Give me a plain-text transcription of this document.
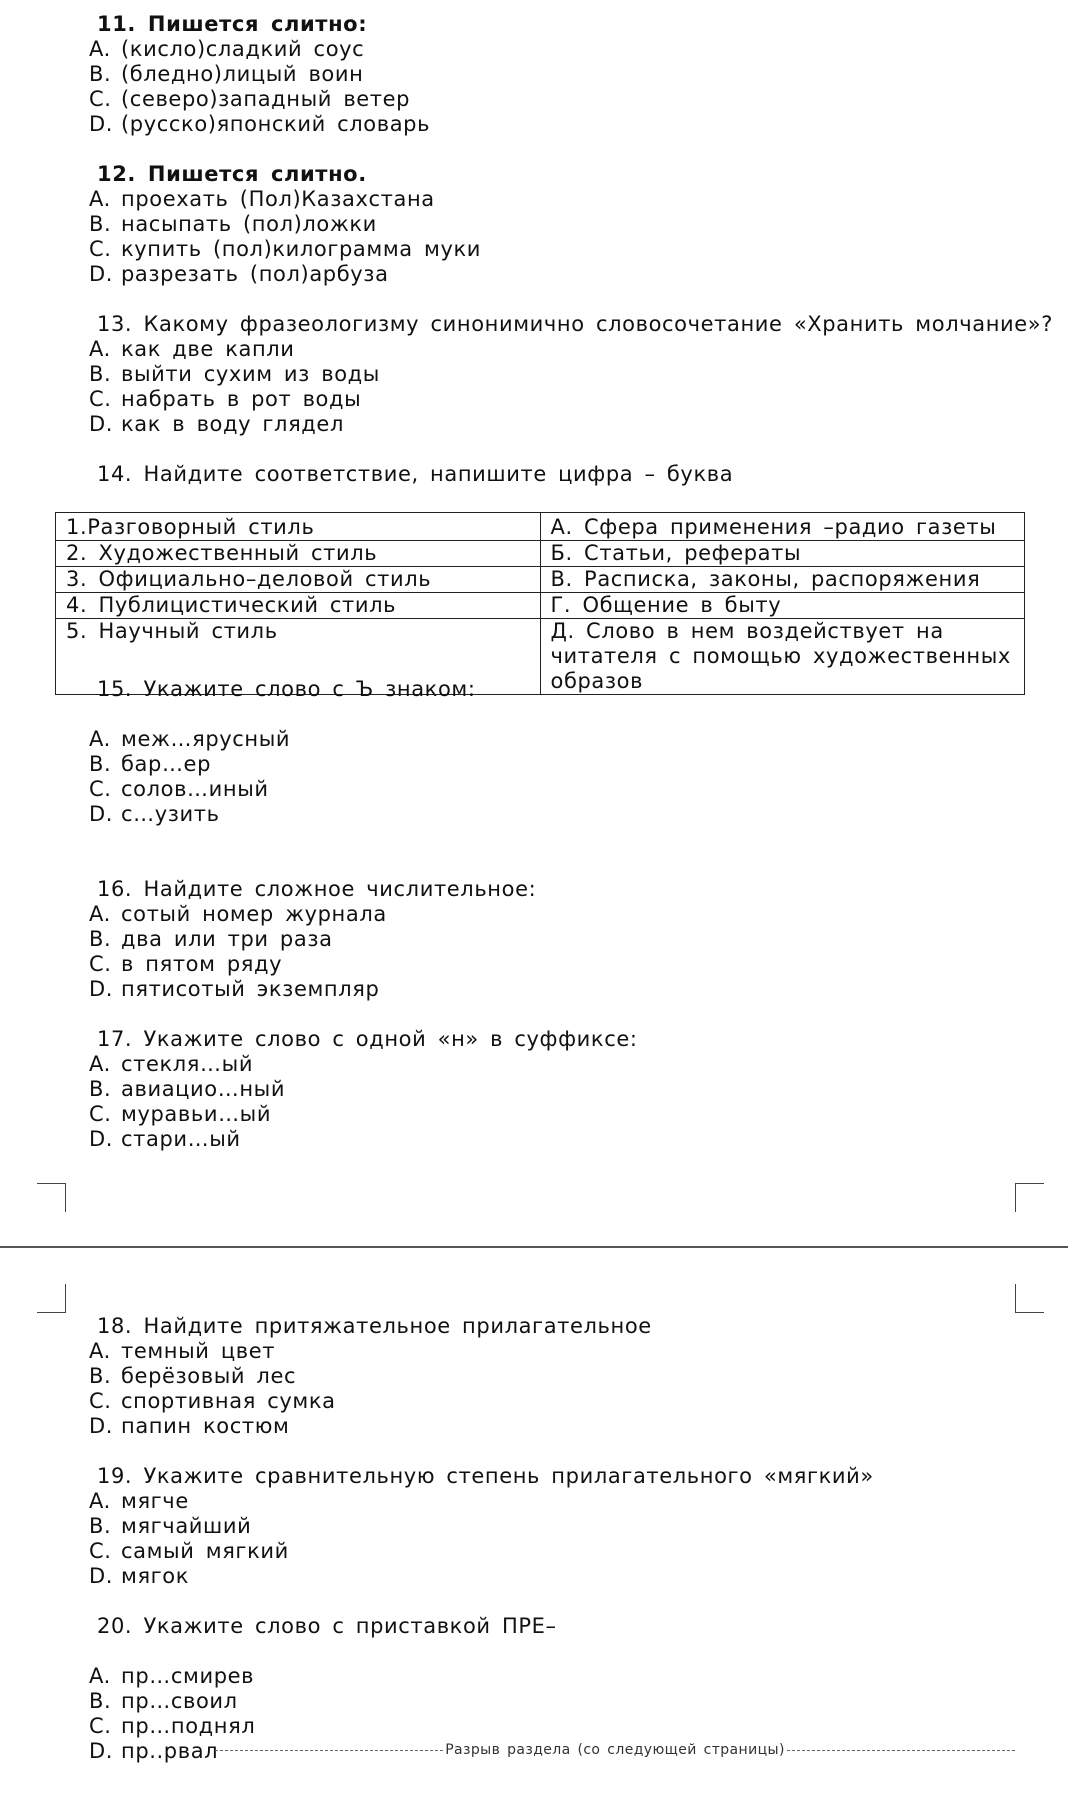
11. Пишется слитно:
A. (кисло)сладкий соус
B. (бледно)лицый воин
C. (северо)западный ветер
D. (русско)японский словарь
12. Пишется слитно.
A. проехать (Пол)Казахстана
B. насыпать (пол)ложки
C. купить (пол)килограмма муки
D. разрезать (пол)арбуза
13. Какому фразеологизму синонимично словосочетание «Хранить молчание»?
A. как две капли
B. выйти сухим из воды
C. набрать в рот воды
D. как в воду глядел
14. Найдите соответствие, напишите цифра – буква
1.Разговорный стиль	А. Сфера применения –радио газеты
2. Художественный стиль	Б. Статьи, рефераты
3. Официально–деловой стиль	В. Расписка, законы, распоряжения
4. Публицистический стиль	Г. Общение в быту
5. Научный стиль	Д. Слово в нем воздействует на читателя с помощью художественных образов
15. Укажите слово с Ъ знаком:
A. меж…ярусный
B. бар…ер
C. солов…иный
D. с…узить
16. Найдите сложное числительное:
A. сотый номер журнала
B. два или три раза
C. в пятом ряду
D. пятисотый экземпляр
17. Укажите слово с одной «н» в суффиксе:
A. стекля…ый
B. авиацио…ный
C. муравьи…ый
D. стари…ый
18. Найдите притяжательное прилагательное
A. темный цвет
B. берёзовый лес
C. спортивная сумка
D. папин костюм
19. Укажите сравнительную степень прилагательного «мягкий»
A. мягче
B. мягчайший
C. самый мягкий
D. мягок
20. Укажите слово с приставкой ПРЕ–
A. пр…смирев
B. пр…своил
C. пр…поднял
D. пр..рвал	Разрыв раздела (со следующей страницы)
